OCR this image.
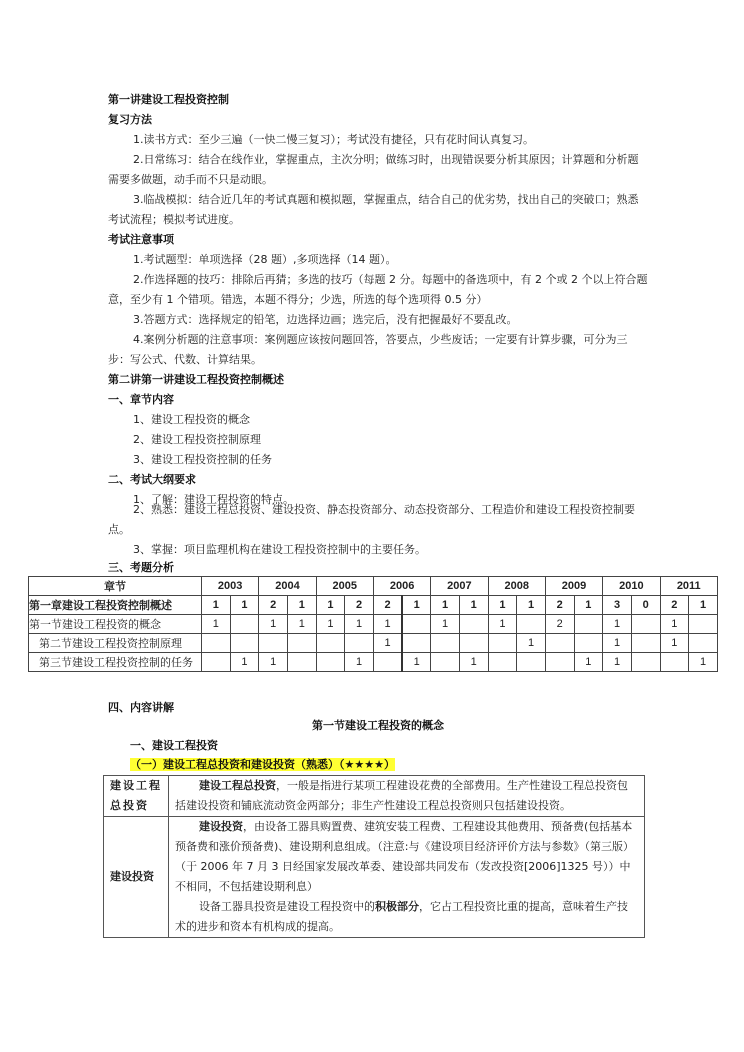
第一讲建设工程投资控制
复习方法
1.读书方式：至少三遍（一快二慢三复习）；考试没有捷径，只有花时间认真复习。
2.日常练习：结合在线作业，掌握重点，主次分明；做练习时，出现错误要分析其原因；计算题和分析题需要多做题，动手而不只是动眼。
3.临战模拟：结合近几年的考试真题和模拟题，掌握重点，结合自己的优劣势，找出自己的突破口；熟悉考试流程；模拟考试进度。
考试注意事项
1.考试题型：单项选择（28 题）,多项选择（14 题）。
2.作选择题的技巧：排除后再猜；多选的技巧（每题 2 分。每题中的备选项中，有 2 个或 2 个以上符合题意，至少有 1 个错项。错选，本题不得分；少选，所选的每个选项得 0.5 分）
3.答题方式：选择规定的铅笔，边选择边画；选完后，没有把握最好不要乱改。
4.案例分析题的注意事项：案例题应该按问题回答，答要点，少些废话；一定要有计算步骤，可分为三步：写公式、代数、计算结果。
第二讲第一讲建设工程投资控制概述
一、章节内容
1、建设工程投资的概念
2、建设工程投资控制原理
3、建设工程投资控制的任务
二、考试大纲要求
1、了解：建设工程投资的特点。
2、熟悉：建设工程总投资、建设投资、静态投资部分、动态投资部分、工程造价和建设工程投资控制要点。
3、掌握：项目监理机构在建设工程投资控制中的主要任务。
三、考题分析
章节	2003		2004		2005		2006		2007		2008		2009		2010		2011	
第一章建设工程投资控制概述	1	1	2	1	1	2	2	1	1	1	1	1	2	1	3	0	2	1
第一节建设工程投资的概念	1		1	1	1	1	1		1		1		2		1		1	
第二节建设工程投资控制原理							1					1			1		1	
第三节建设工程投资控制的任务		1	1			1		1		1				1	1			1
四、内容讲解
第一节建设工程投资的概念
一、建设工程投资
（一）建设工程总投资和建设投资（熟悉）（★★★★）
建设工程总投资	建设工程总投资，一般是指进行某项工程建设花费的全部费用。生产性建设工程总投资包括建设投资和铺底流动资金两部分；非生产性建设工程总投资则只包括建设投资。

建设投资	建设投资，由设备工器具购置费、建筑安装工程费、工程建设其他费用、预备费(包括基本预备费和涨价预备费)、建设期利息组成。（注意:与《建设项目经济评价方法与参数》（第三版）（于 2006 年 7 月 3 日经国家发展改革委、建设部共同发布（发改投资[2006]1325 号））中不相同，不包括建设期利息）
设备工器具投资是建设工程投资中的积极部分，它占工程投资比重的提高，意味着生产技术的进步和资本有机构成的提高。
